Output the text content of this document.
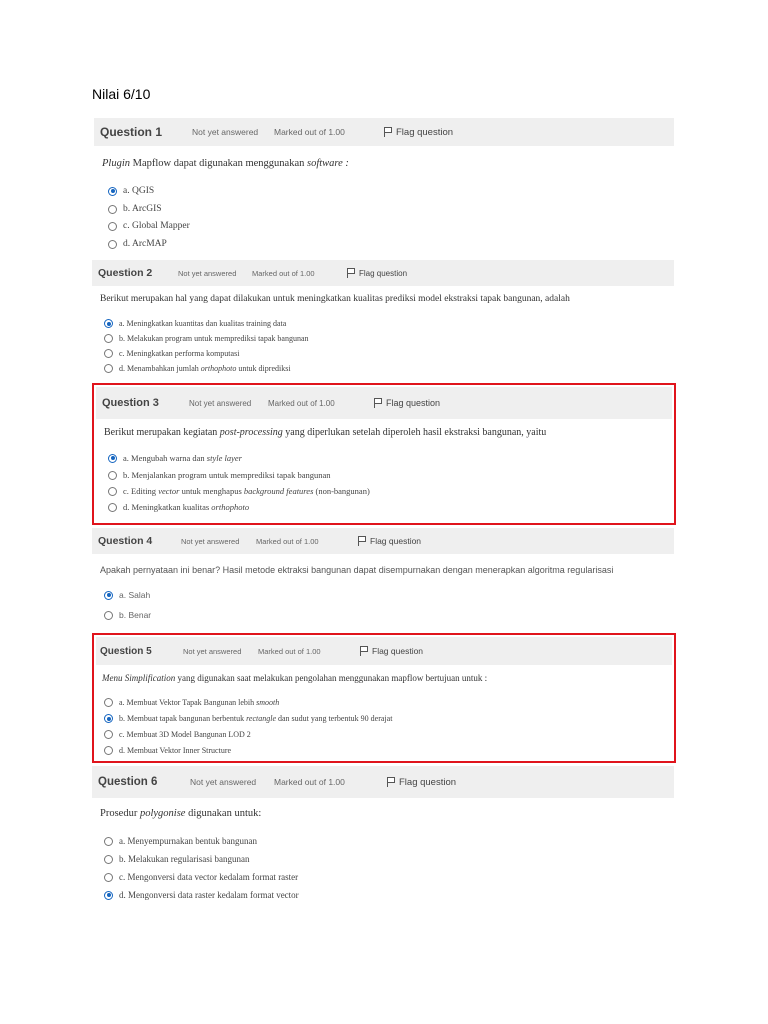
Nilai 6/10
Question 1	Not yet answered Marked out of 1.00	Flag question
Plugin Mapflow dapat digunakan menggunakan software :
a. QGIS
b. ArcGIS
c. Global Mapper
d. ArcMAP
Question 2	Not yet answered Marked out of 1.00	Flag question
Berikut merupakan hal yang dapat dilakukan untuk meningkatkan kualitas prediksi model ekstraksi tapak bangunan, adalah
a. Meningkatkan kuantitas dan kualitas training data
b. Melakukan program untuk memprediksi tapak bangunan
c. Meningkatkan performa komputasi
d. Menambahkan jumlah orthophoto untuk diprediksi
Question 3	Not yet answered Marked out of 1.00	Flag question
Berikut merupakan kegiatan post-processing yang diperlukan setelah diperoleh hasil ekstraksi bangunan, yaitu
a. Mengubah warna dan style layer
b. Menjalankan program untuk memprediksi tapak bangunan
c. Editing vector untuk menghapus background features (non-bangunan)
d. Meningkatkan kualitas orthophoto
Question 4	Not yet answered Marked out of 1.00	Flag question
Apakah pernyataan ini benar? Hasil metode ektraksi bangunan dapat disempurnakan dengan menerapkan algoritma regularisasi
a. Salah
b. Benar
Question 5	Not yet answered Marked out of 1.00	Flag question
Menu Simplification yang digunakan saat melakukan pengolahan menggunakan mapflow bertujuan untuk :
a. Membuat Vektor Tapak Bangunan lebih smooth
b. Membuat tapak bangunan berbentuk rectangle dan sudut yang terbentuk 90 derajat
c. Membuat 3D Model Bangunan LOD 2
d. Membuat Vektor Inner Structure
Question 6	Not yet answered Marked out of 1.00	Flag question
Prosedur polygonise digunakan untuk:
a. Menyempurnakan bentuk bangunan
b. Melakukan regularisasi bangunan
c. Mengonversi data vector kedalam format raster
d. Mengonversi data raster kedalam format vector
